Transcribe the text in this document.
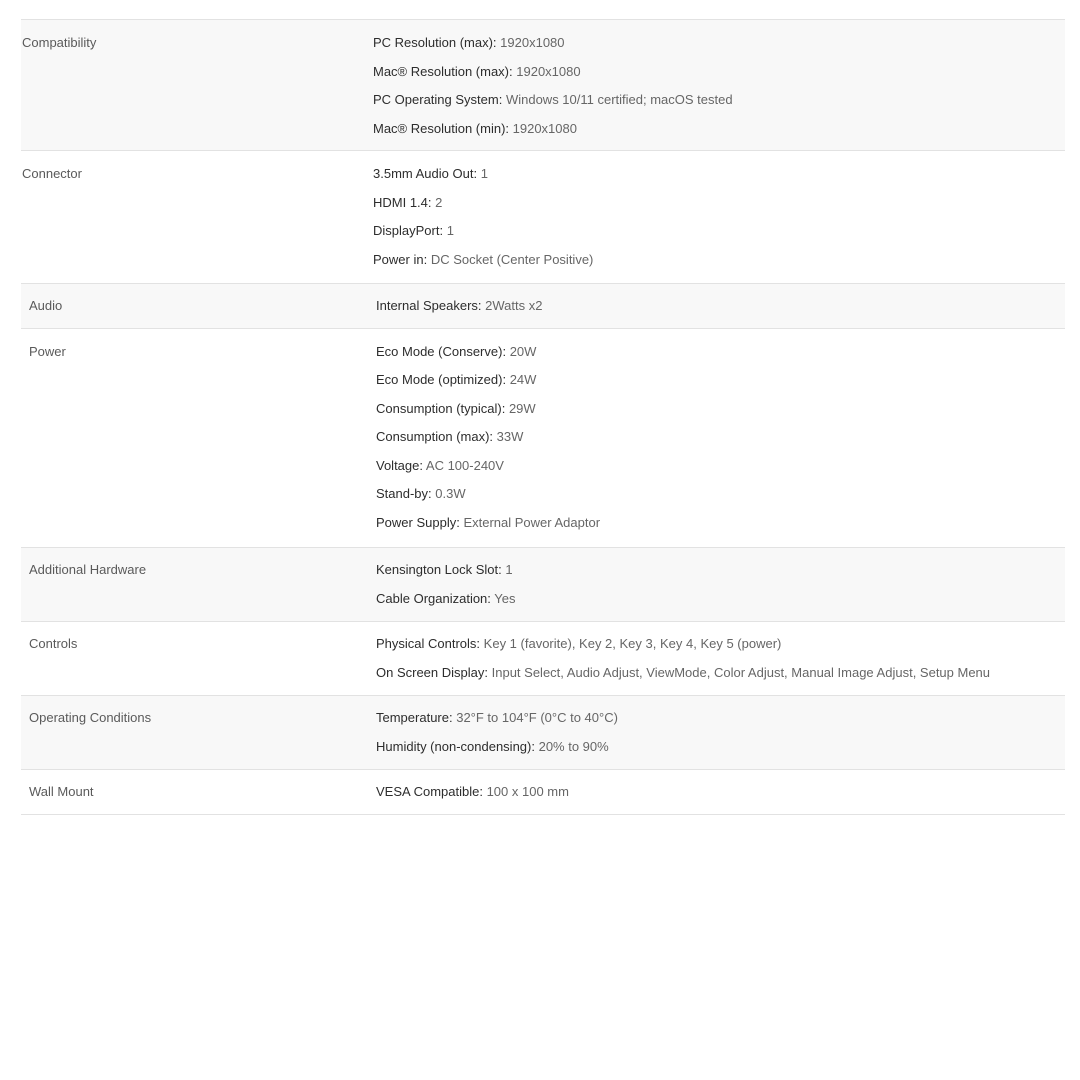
Compatibility	PC Resolution (max): 1920x1080
Mac® Resolution (max): 1920x1080
PC Operating System: Windows 10/11 certified; macOS tested
Mac® Resolution (min): 1920x1080
Connector	3.5mm Audio Out: 1
HDMI 1.4: 2
DisplayPort: 1
Power in: DC Socket (Center Positive)
Audio	Internal Speakers: 2Watts x2
Power	Eco Mode (Conserve): 20W
Eco Mode (optimized): 24W
Consumption (typical): 29W
Consumption (max): 33W
Voltage: AC 100-240V
Stand-by: 0.3W
Power Supply: External Power Adaptor
Additional Hardware	Kensington Lock Slot: 1
Cable Organization: Yes
Controls	Physical Controls: Key 1 (favorite), Key 2, Key 3, Key 4, Key 5 (power)
On Screen Display: Input Select, Audio Adjust, ViewMode, Color Adjust, Manual Image Adjust, Setup Menu
Operating Conditions	Temperature: 32°F to 104°F (0°C to 40°C)
Humidity (non-condensing): 20% to 90%
Wall Mount	VESA Compatible: 100 x 100 mm
